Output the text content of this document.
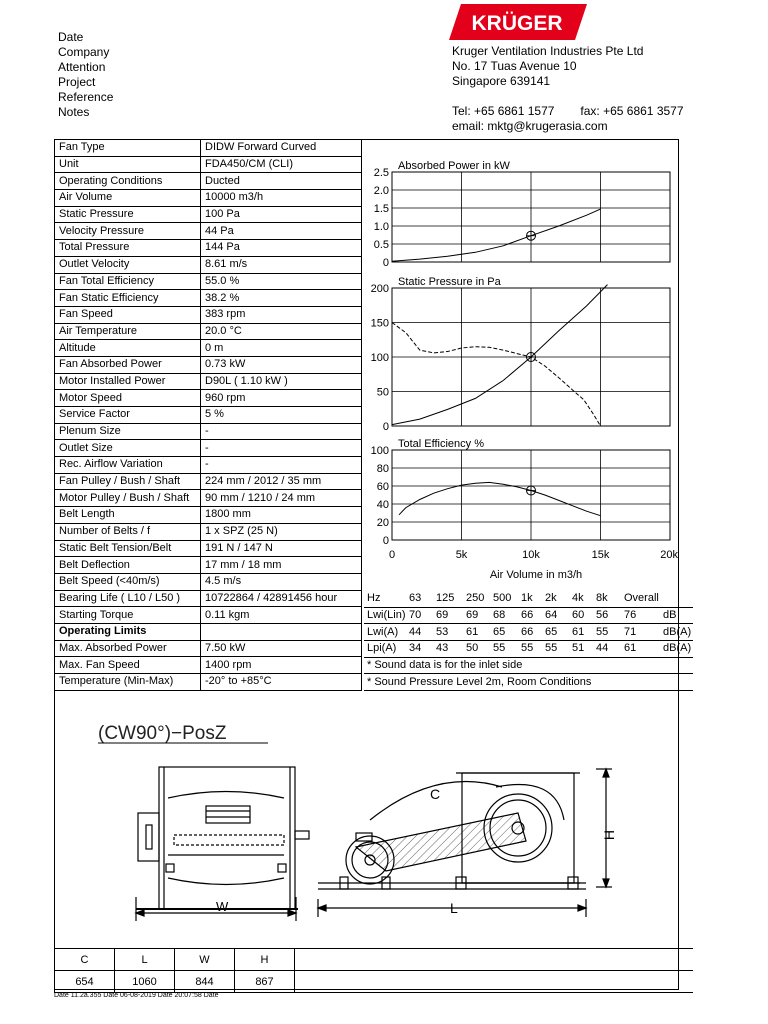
Date
Company
Attention
Project
Reference
Notes
KRÜGER
Kruger Ventilation Industries Pte Ltd
No. 17 Tuas Avenue 10
Singapore 639141
Tel: +65 6861 1577 fax: +65 6861 3577
email: mktg@krugerasia.com
Fan Type	DIDW Forward Curved
Unit	FDA450/CM (CLI)
Operating Conditions	Ducted
Air Volume	10000 m3/h
Static Pressure	100 Pa
Velocity Pressure	44 Pa
Total Pressure	144 Pa
Outlet Velocity	8.61 m/s
Fan Total Efficiency	55.0 %
Fan Static Efficiency	38.2 %
Fan Speed	383 rpm
Air Temperature	20.0 °C
Altitude	0 m
Fan Absorbed Power	0.73 kW
Motor Installed Power	D90L ( 1.10 kW )
Motor Speed	960 rpm
Service Factor	5 %
Plenum Size	-
Outlet Size	-
Rec. Airflow Variation	-
Fan Pulley / Bush / Shaft	224 mm / 2012 / 35 mm
Motor Pulley / Bush / Shaft	90 mm / 1210 / 24 mm
Belt Length	1800 mm
Number of Belts / f	1 x SPZ (25 N)
Static Belt Tension/Belt	191 N / 147 N
Belt Deflection	17 mm / 18 mm
Belt Speed (<40m/s)	4.5 m/s
Bearing Life ( L10 / L50 )	10722864 / 42891456 hour
Starting Torque	0.11 kgm
Operating Limits	
Max. Absorbed Power	7.50 kW
Max. Fan Speed	1400 rpm
Temperature (Min-Max)	-20° to +85°C
0
0.5
1.0
1.5
2.0
2.5
Absorbed Power in kW
0
50
100
150
200
Static Pressure in Pa
0
20
40
60
80
100
Total Efficiency %
0	5k	10k	15k	20k
Air Volume in m3/h
Hz	63	125	250	500	1k	2k	4k	8k	Overall	
Lwi(Lin)	70	69	69	68	66	64	60	56	76	dB
Lwi(A)	44	53	61	65	66	65	61	55	71	dB(A)
Lpi(A)	34	43	50	55	55	55	51	44	61	dB(A)
* Sound data is for the inlet side										
* Sound Pressure Level 2m, Room Conditions										
(CW90°)−PosZ
W
C
L
H
C	L	W	H	
654	1060	844	867	
Date 11.2a.355 Date 06-08-2019 Date 20:07:58 Date
